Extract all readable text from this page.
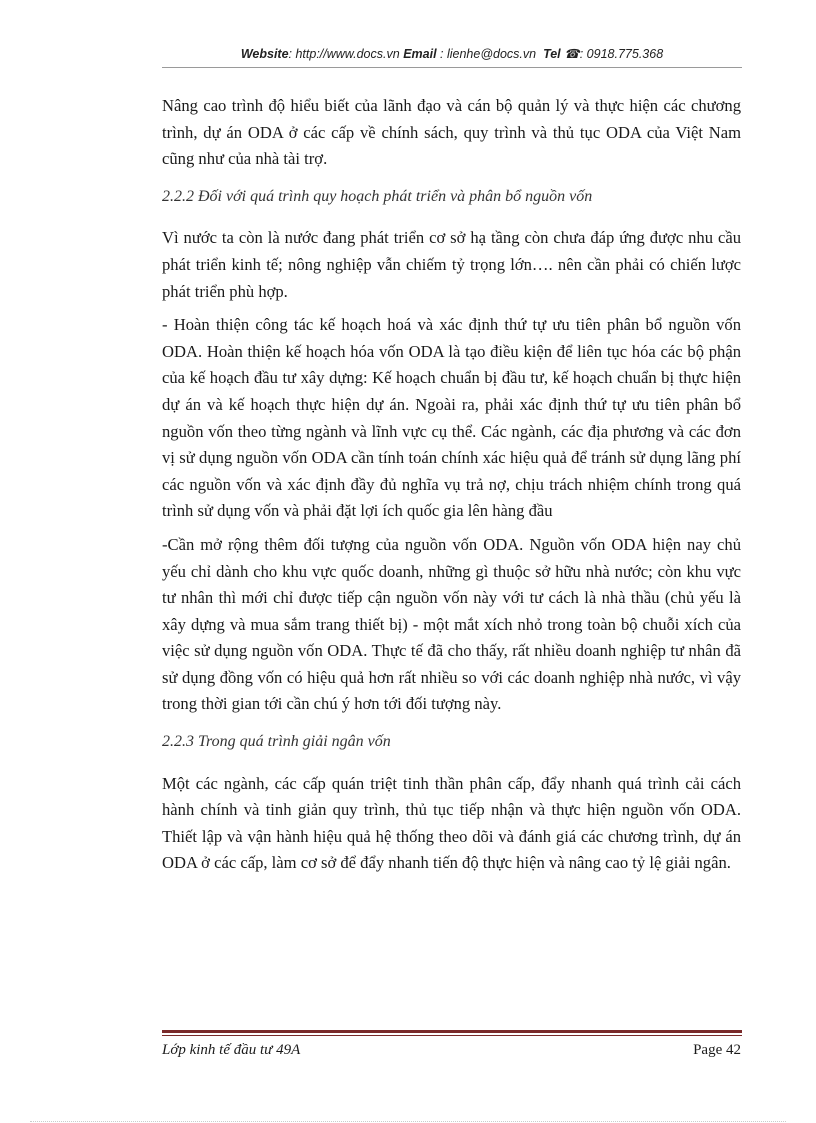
Website: http://www.docs.vn Email : lienhe@docs.vn Tel ☎: 0918.775.368

Nâng cao trình độ hiểu biết của lãnh đạo và cán bộ quản lý và thực hiện các chương trình, dự án ODA ở các cấp về chính sách, quy trình và thủ tục ODA của Việt Nam cũng như của nhà tài trợ.

2.2.2 Đối với quá trình quy hoạch phát triển và phân bổ nguồn vốn

Vì nước ta còn là nước đang phát triển cơ sở hạ tầng còn chưa đáp ứng được nhu cầu phát triển kinh tế; nông nghiệp vẫn chiếm tỷ trọng lớn…. nên cần phải có chiến lược phát triển phù hợp.

- Hoàn thiện công tác kế hoạch hoá và xác định thứ tự ưu tiên phân bổ nguồn vốn ODA. Hoàn thiện kế hoạch hóa vốn ODA là tạo điều kiện để liên tục hóa các bộ phận của kế hoạch đầu tư xây dựng: Kế hoạch chuẩn bị đầu tư, kế hoạch chuẩn bị thực hiện dự án và kế hoạch thực hiện dự án. Ngoài ra, phải xác định thứ tự ưu tiên phân bổ nguồn vốn theo từng ngành và lĩnh vực cụ thể. Các ngành, các địa phương và các đơn vị sử dụng nguồn vốn ODA cần tính toán chính xác hiệu quả để tránh sử dụng lãng phí các nguồn vốn và xác định đầy đủ nghĩa vụ trả nợ, chịu trách nhiệm chính trong quá trình sử dụng vốn và phải đặt lợi ích quốc gia lên hàng đầu

-Cần mở rộng thêm đối tượng của nguồn vốn ODA. Nguồn vốn ODA hiện nay chủ yếu chỉ dành cho khu vực quốc doanh, những gì thuộc sở hữu nhà nước; còn khu vực tư nhân thì mới chỉ được tiếp cận nguồn vốn này với tư cách là nhà thầu (chủ yếu là xây dựng và mua sắm trang thiết bị) - một mắt xích nhỏ trong toàn bộ chuỗi xích của việc sử dụng nguồn vốn ODA. Thực tế đã cho thấy, rất nhiều doanh nghiệp tư nhân đã sử dụng đồng vốn có hiệu quả hơn rất nhiều so với các doanh nghiệp nhà nước, vì vậy trong thời gian tới cần chú ý hơn tới đối tượng này.

2.2.3 Trong quá trình giải ngân vốn

Một các ngành, các cấp quán triệt tinh thần phân cấp, đẩy nhanh quá trình cải cách hành chính và tinh giản quy trình, thủ tục tiếp nhận và thực hiện nguồn vốn ODA. Thiết lập và vận hành hiệu quả hệ thống theo dõi và đánh giá các chương trình, dự án ODA ở các cấp, làm cơ sở để đẩy nhanh tiến độ thực hiện và nâng cao tỷ lệ giải ngân.

Lớp kinh tế đầu tư 49A	Page 42
